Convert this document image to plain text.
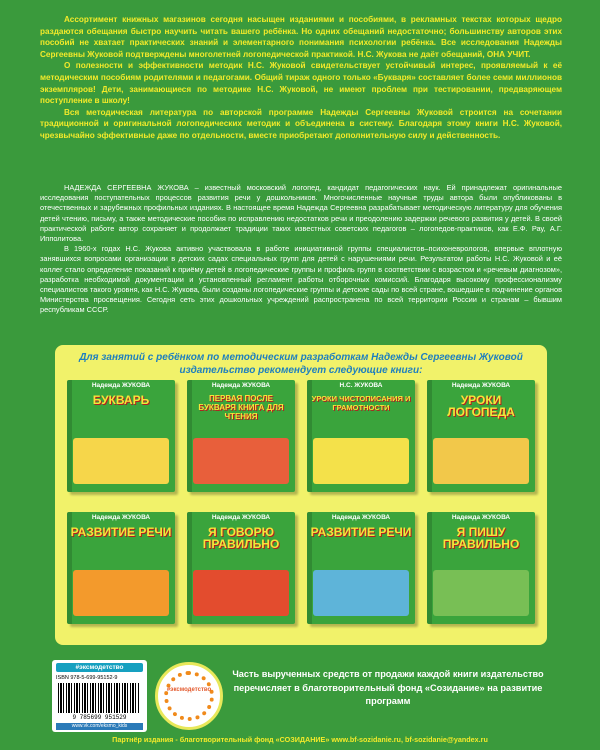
Ассортимент книжных магазинов сегодня насыщен изданиями и пособиями, в рекламных текстах которых щедро раздаются обещания быстро научить читать вашего ребёнка. Но одних обещаний недостаточно; большинству авторов этих пособий не хватает практических знаний и элементарного понимания психологии ребёнка. Все исследования Надежды Сергеевны Жуковой подтверждены многолетней логопедической практикой. Н.С. Жукова не даёт обещаний, ОНА УЧИТ.

О полезности и эффективности методик Н.С. Жуковой свидетельствует устойчивый интерес, проявляемый к её методическим пособиям родителями и педагогами. Общий тираж одного только «Букваря» составляет более семи миллионов экземпляров! Дети, занимающиеся по методике Н.С. Жуковой, не имеют проблем при тестировании, предваряющем поступление в школу!

Вся методическая литература по авторской программе Надежды Сергеевны Жуковой строится на сочетании традиционной и оригинальной логопедических методик и объединена в систему. Благодаря этому книги Н.С. Жуковой, чрезвычайно эффективные даже по отдельности, вместе приобретают дополнительную силу и действенность.

НАДЕЖДА СЕРГЕЕВНА ЖУКОВА – известный московский логопед, кандидат педагогических наук. Ей принадлежат оригинальные исследования поступательных процессов развития речи у дошкольников. Многочисленные научные труды автора были опубликованы в отечественных и зарубежных профильных изданиях. В настоящее время Надежда Сергеевна разрабатывает методическую литературу для обучения детей чтению, письму, а также методические пособия по исправлению недостатков речи и преодолению задержки речевого развития у детей. В своей практической работе автор сохраняет и продолжает традиции таких известных советских педагогов – логопедов-практиков, как Е.Ф. Рау, А.Г. Ипполитова.

В 1960-х годах Н.С. Жукова активно участвовала в работе инициативной группы специалистов–психоневрологов, впервые вплотную занявшихся вопросами организации в детских садах специальных групп для детей с нарушениями речи. Результатом работы Н.С. Жуковой и её коллег стало определение показаний к приёму детей в логопедические группы и профиль групп в соответствии с возрастом и «речевым диагнозом», разработка необходимой документации и установленный регламент работы отборочных комиссий. Благодаря высокому профессионализму специалистов такого уровня, как Н.С. Жукова, были созданы логопедические группы и детские сады по всей стране, вошедшие в подчинение органов Министерства просвещения. Сегодня сеть этих дошкольных учреждений распространена по всей территории России и странам – бывшим республикам СССР.

Для занятий с ребёнком по методическим разработкам Надежды Сергеевны Жуковой
издательство рекомендует следующие книги:
Надежда ЖУКОВА
БУКВАРЬ
Надежда ЖУКОВА
ПЕРВАЯ ПОСЛЕ БУКВАРЯ КНИГА ДЛЯ ЧТЕНИЯ
Н.С. ЖУКОВА
УРОКИ ЧИСТОПИСАНИЯ И ГРАМОТНОСТИ
Надежда ЖУКОВА
УРОКИ ЛОГОПЕДА
Надежда ЖУКОВА
РАЗВИТИЕ РЕЧИ
Надежда ЖУКОВА
Я ГОВОРЮ ПРАВИЛЬНО
Надежда ЖУКОВА
РАЗВИТИЕ РЕЧИ
Надежда ЖУКОВА
Я ПИШУ ПРАВИЛЬНО
#эксмодетство
ISBN 978-5-699-95152-9
9 785699 951529
www.vk.com/eksmo_kids
#эксмодетство
Часть вырученных средств от продажи каждой книги издательство перечисляет в благотворительный фонд «Созидание» на развитие программ
Партнёр издания - благотворительный фонд «СОЗИДАНИЕ» www.bf-sozidanie.ru, bf-sozidanie@yandex.ru
